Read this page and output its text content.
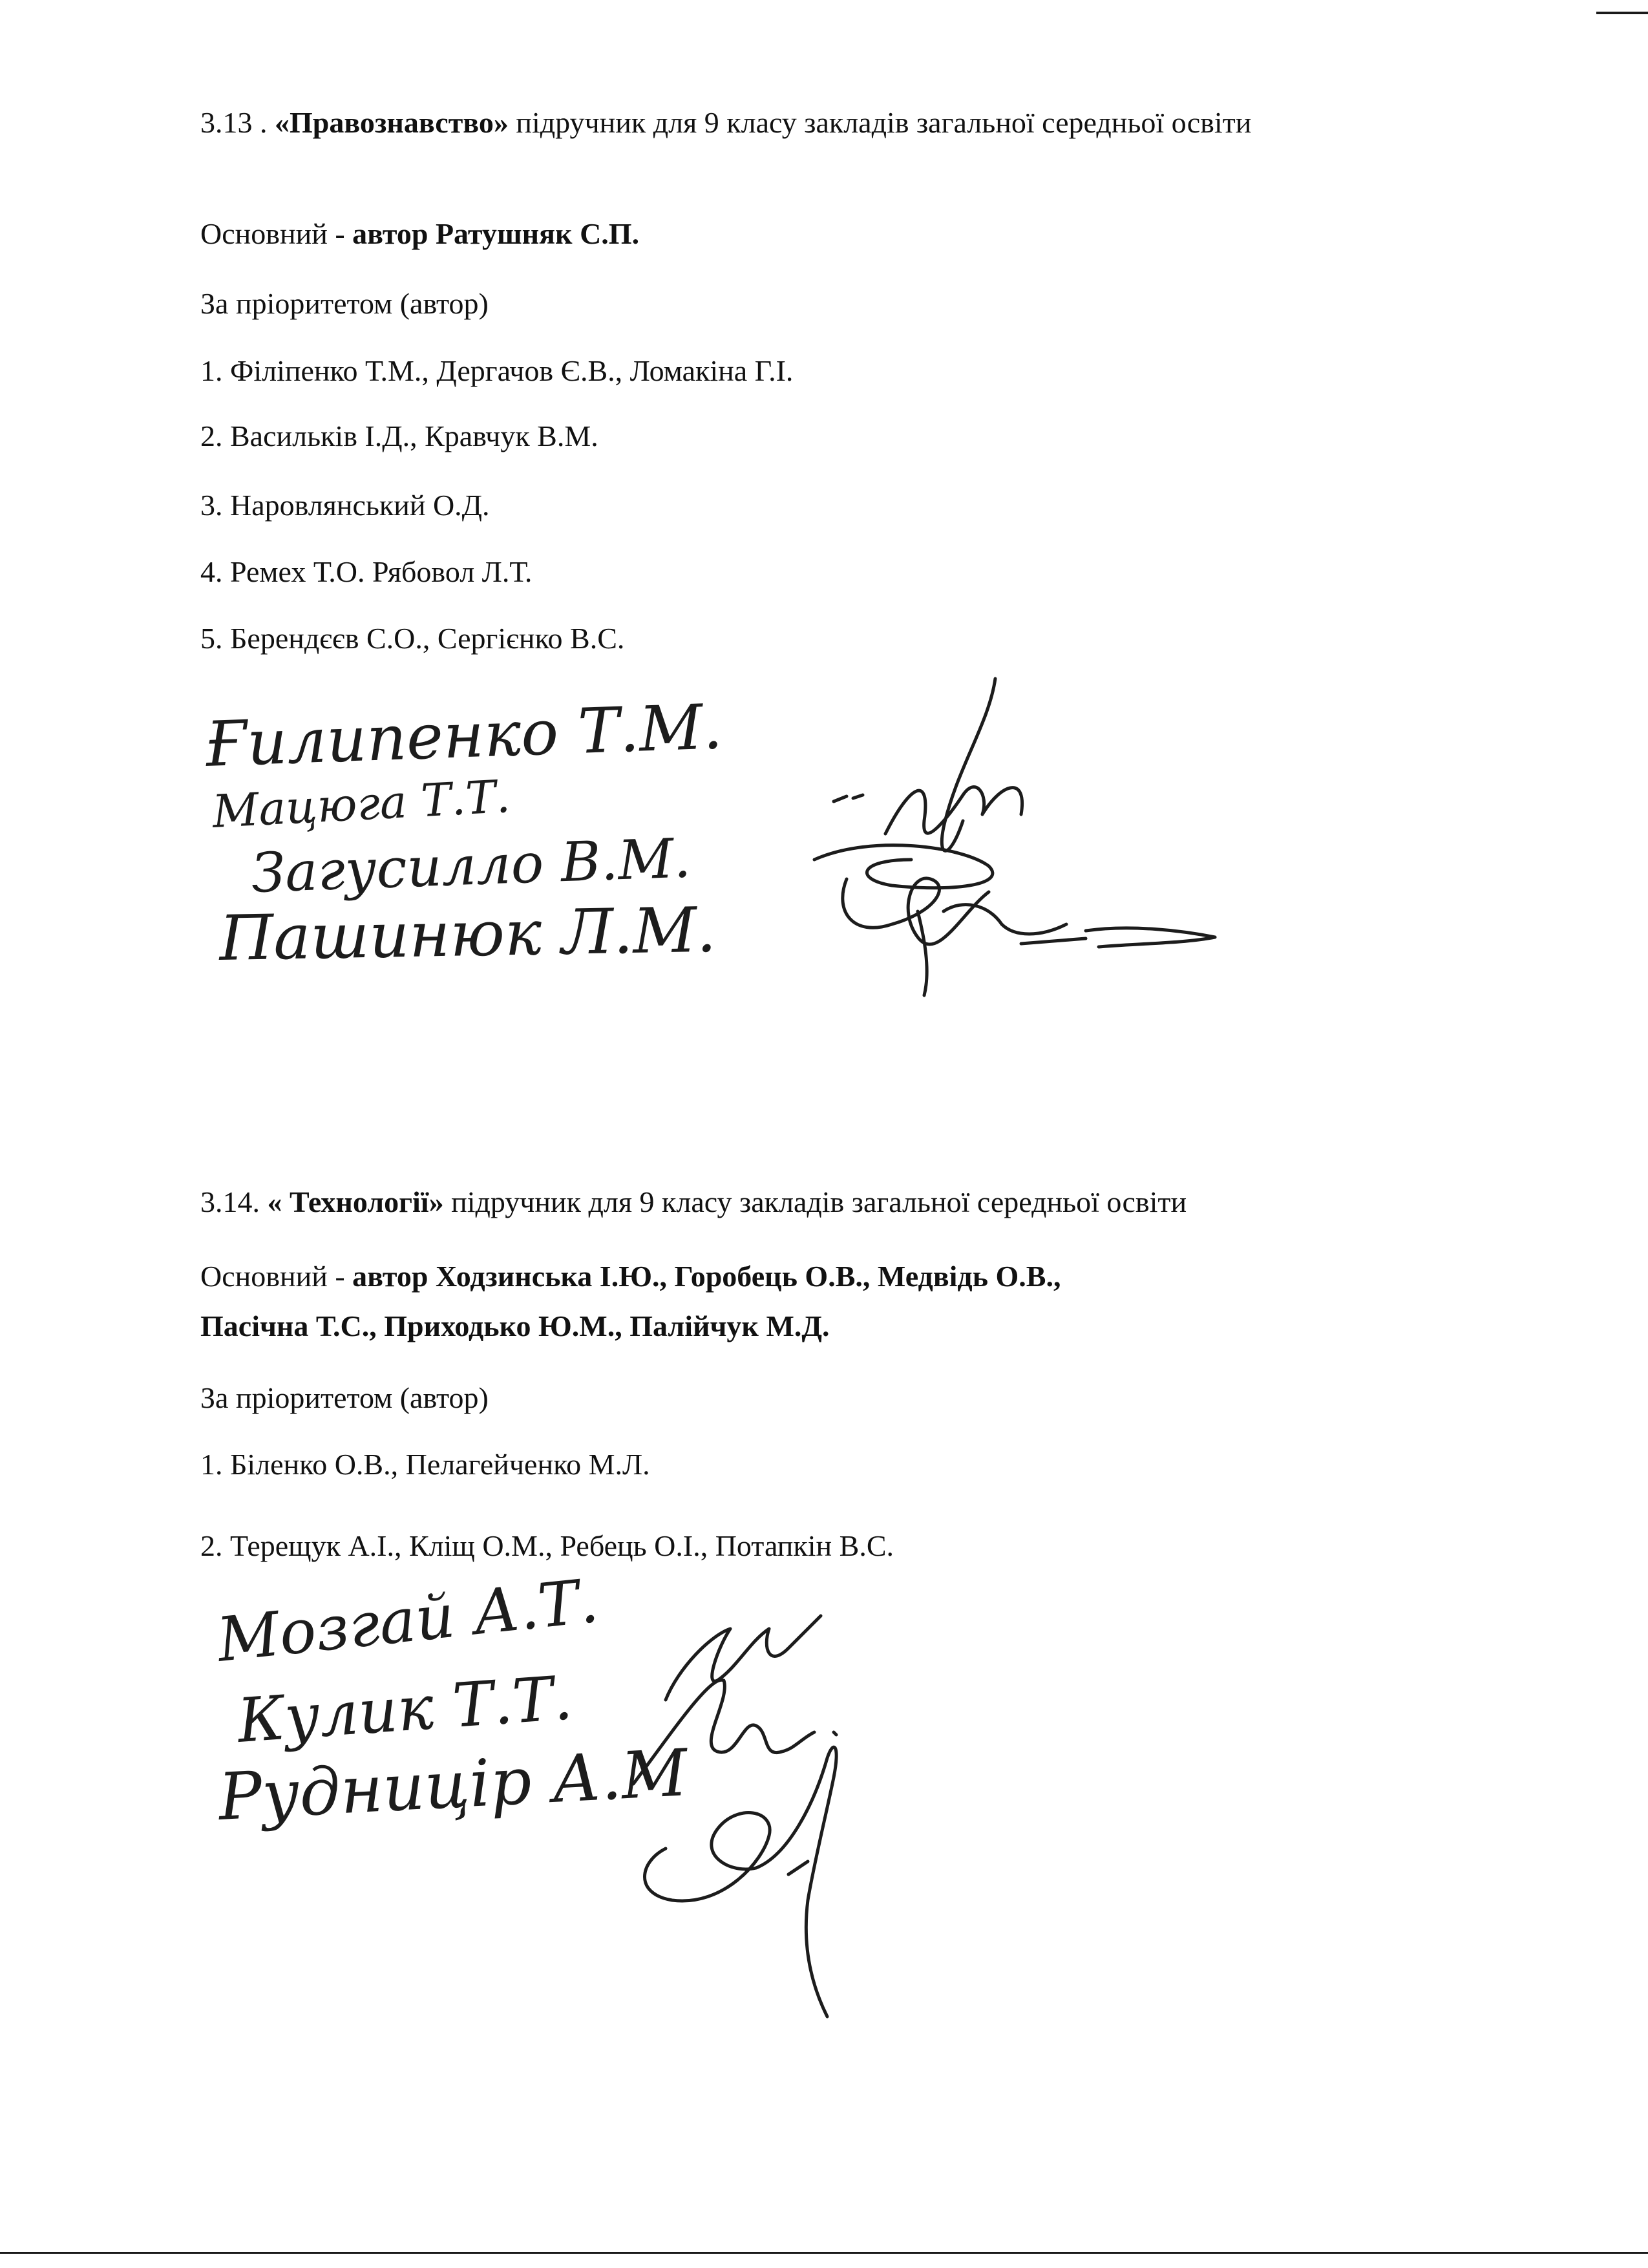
3.13 . «Правознавство» підручник для 9 класу закладів загальної середньої освіти
Основний - автор Ратушняк С.П.
За пріоритетом (автор)
1. Філіпенко Т.М., Дергачов Є.В., Ломакіна Г.І.
2. Васильків І.Д., Кравчук В.М.
3. Наровлянський О.Д.
4. Ремех Т.О. Рябовол Л.Т.
5. Берендєєв С.О., Сергієнко В.С.
Ғилипенко Т.М.
Мацюга Т.Т.
Загусилло В.М.
Пашинюк Л.М.
3.14. « Технології» підручник для 9 класу закладів загальної середньої освіти
Основний - автор Ходзинська І.Ю., Горобець О.В., Медвідь О.В.,
Пасічна Т.С., Приходько Ю.М., Палійчук М.Д.
За пріоритетом (автор)
1. Біленко О.В., Пелагейченко М.Л.
2. Терещук А.І., Кліщ О.М., Ребець О.І., Потапкін В.С.
Мозгай А.Т.
Кулик Т.Т.
Рудницір А.М
